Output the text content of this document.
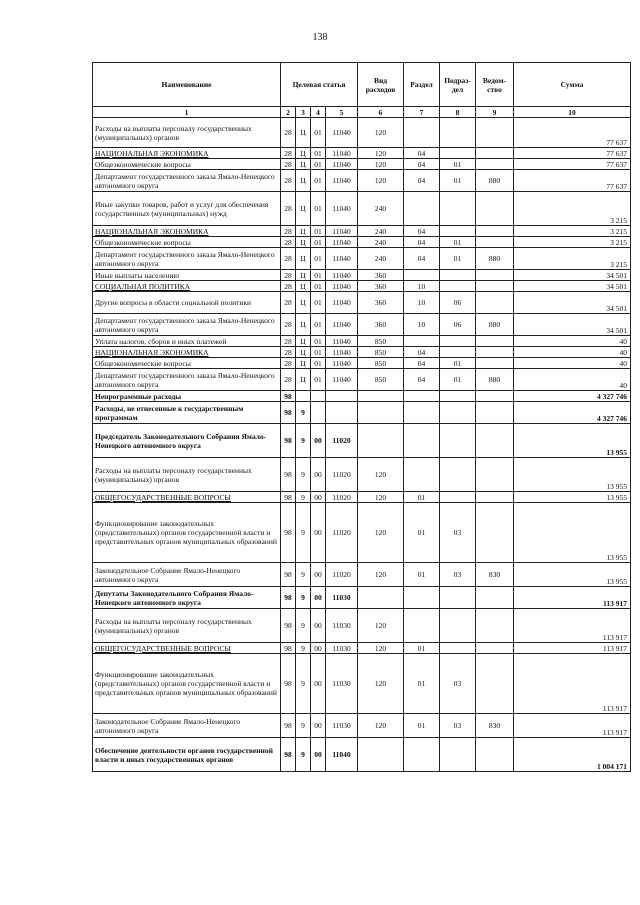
138
Наименование	Целевая статья				Вид расходов	Раздел	Подраз-дел	Ведом-ство	Сумма
1	2	3	4	5	6	7	8	9	10
Расходы на выплаты персоналу государственных (муниципальных) органов	28	Ц	01	11040	120				77 637
НАЦИОНАЛЬНАЯ ЭКОНОМИКА	28	Ц	01	11040	120	04			77 637
Общеэкономические вопросы	28	Ц	01	11040	120	04	01		77 637
Департамент государственного заказа Ямало-Ненецкого автономного округа	28	Ц	01	11040	120	04	01	880	77 637
Иные закупки товаров, работ и услуг для обеспечения государственных (муниципальных) нужд	28	Ц	01	11040	240				3 215
НАЦИОНАЛЬНАЯ ЭКОНОМИКА	28	Ц	01	11040	240	04			3 215
Общеэкономические вопросы	28	Ц	01	11040	240	04	01		3 215
Департамент государственного заказа Ямало-Ненецкого автономного округа	28	Ц	01	11040	240	04	01	880	3 215
Иные выплаты населению	28	Ц	01	11040	360				34 501
СОЦИАЛЬНАЯ ПОЛИТИКА	28	Ц	01	11040	360	10			34 501
Другие вопросы в области социальной политики	28	Ц	01	11040	360	10	06		34 501
Департамент государственного заказа Ямало-Ненецкого автономного округа	28	Ц	01	11040	360	10	06	880	34 501
Уплата налогов, сборов и иных платежей	28	Ц	01	11040	850				40
НАЦИОНАЛЬНАЯ ЭКОНОМИКА	28	Ц	01	11040	850	04			40
Общеэкономические вопросы	28	Ц	01	11040	850	04	01		40
Департамент государственного заказа Ямало-Ненецкого автономного округа	28	Ц	01	11040	850	04	01	880	40
Непрограммные расходы	98								4 327 746
Расходы, не отнесенные к государственным программам	98	9							4 327 746
Председатель Законодательного Собрания Ямало-Ненецкого автономного округа	98	9	00	11020					13 955
Расходы на выплаты персоналу государственных (муниципальных) органов	98	9	00	11020	120				13 955
ОБЩЕГОСУДАРСТВЕННЫЕ ВОПРОСЫ	98	9	00	11020	120	01			13 955
Функционирование законодательных (представительных) органов государственной власти и представительных органов муниципальных образований	98	9	00	11020	120	01	03		13 955
Законодательное Собрание Ямало-Ненецкого автономного округа	98	9	00	11020	120	01	03	830	13 955
Депутаты Законодательного Собрания Ямало-Ненецкого автономного округа	98	9	00	11030					113 917
Расходы на выплаты персоналу государственных (муниципальных) органов	98	9	00	11030	120				113 917
ОБЩЕГОСУДАРСТВЕННЫЕ ВОПРОСЫ	98	9	00	11030	120	01			113 917
Функционирование законодательных (представительных) органов государственной власти и представительных органов муниципальных образований	98	9	00	11030	120	01	03		113 917
Законодательное Собрание Ямало-Ненецкого автономного округа	98	9	00	11030	120	01	03	830	113 917
Обеспечение деятельности органов государственной власти и иных государственных органов	98	9	00	11040					1 004 171
